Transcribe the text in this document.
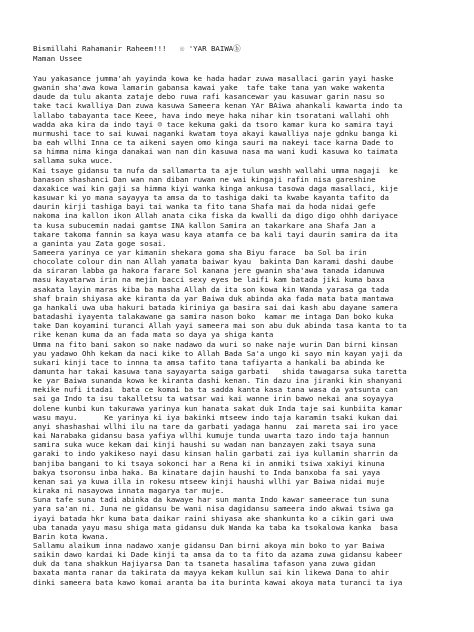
Bismillahi Rahamanir Raheem!!!   ☉ 'YAR BAIWAⓑ
Maman Ussee
Yau yakasance jumma'ah yayinda kowa ke hada hadar zuwa masallaci garin yayi haske
gwanin sha'awa kowa lamarin gabansa kawai yake  tafe take tana yan wake wakenta
daude da tulu akanta zataje debo ruwa rafi kasancewar yau kasuwar garin nasu so
take taci kwalliya Dan zuwa kasuwa Sameera kenan YAr BAiwa ahankali kawarta indo ta
lallabo tabayanta tace Keee, hava indo meye haka nihar kin tsoratani wallahi ohh
wadda aka kira da indo tayi ☺ tace kekuma gaki da tsoro kamar kura ko samira tayi
murmushi tace to sai kuwai naganki kwatam toya akayi kawalliya naje gdnku banga ki
ba eah wllhi Inna ce ta aikeni sayen omo kinga sauri ma nakeyi tace karna Dade to
sa himma nima kinga danakai wan nan din kasuwa nasa ma wani kudi kasuwa ko taimata
sallama suka wuce.
Kai tsaye gidansu ta nufa da sallamarta ta aje tulun washh wallahi umma nagaji  ke
banason shashanci Dan wan nan diban ruwan ne wai kingaji rafin nisa gareshine
daxakice wai kin gaji sa himma kiyi wanka kinga ankusa tasowa daga masallaci, kije
kasuwar ki yo mana sayayya ta amsa da to tashiga daki ta kwabe kayanta tafito da
daurin kirji tashiga bayi tai wanka ta fito tana Shafa mai da hoda nidai gefe
nakoma ina kallon ikon Allah anata cika fiska da kwalli da digo digo ohhh dariyace
ta kusa subucemin nadai gamtse INA kallon Samira an takarkare ana Shafa Jan a
takare takoma fannin sa kaya wasu kaya atamfa ce ba kali tayi daurin samira da ita
a ganinta yau Zata goge sosai.
Sameera yarinya ce yar kimanin shekara goma sha Biyu farace  ba Sol ba irin
chocolate colour din nan Allah yamata baiwar kyau  bakinta Dan karami dashi daube
da siraran labba ga hakora farare Sol kanana jere gwanin sha'awa tanada idanuwa
masu kayatarwa irin na mejin bacci sexy eyes be laifi kam batada jiki kuma baxa
asakata layin maras kiba ba masha Allah da ita son kowa kin Wanda yarasa ga tada
shaf brain shiyasa ake kiranta da yar Baiwa duk abinda aka fada mata bata mantawa
ga hankali uwa uba hakuri batada kiriniya ga basira sai dai kash abu dayane samera
batadashi iyayenta talakawane ga samira nason boko  kamar me intaga Dan boko kuka
take Dan koyamini turanci Allah yayi sameera mai son abu duk abinda tasa kanta to ta
rike kenan kuma da an fada mata so daya ya shiga kanta
Umma na fito bani sakon so nake nadawo da wuri so nake naje wurin Dan birni kinsan
yau yadawo Ohh kekam da naci kike to Allah Bada Sa'a ungo ki sayo min kayan yaji da
sukari kinji tace to innna ta amsa tafito tana tafiyarta a hankali ba abinda ke
damunta har takai kasuwa tana sayayarta saiga garbati   shida tawagarsa suka taretta
ke yar Baiwa sunanda kowa ke kiranta dashi kenan. Tin dazu ina jiranki kin shanyani
mekike nufi itadai  bata ce komai ba ta sadda kanta kasa tana wasa da yatsunta can
sai ga Indo ta isu takalletsu ta watsar wai kai wanne irin bawo nekai ana soyayya
dolene kunbi kun takurawa yarinya kun hanata sakat duk Inda taje sai kunbiita kamar
wasu mayu.      Ke yarinya ki iya bakinki mtseew indo taja karamin tsaki kukan dai
anyi shashashai wllhi ilu na tare da garbati yadaga hannu  zai mareta sai iro yace
kai Narabaka gidansu basa yafiya wllhi kumuje tunda uwarta tazo indo taja hannun
samira suka wuce kekam dai kinji haushi su wadan nan banzayen zaki tsaya suna
garaki to indo yakikeso nayi dasu kinsan halin garbati zai iya kullamin sharrin da
banjiba bangani to ki tsaya sokonci har a Rena ki in anmiki tsiwa xakiyi kinuna
bakya tsoronsu inba haka. Ba kinatare dajin haushi to Inda banxoba fa sai yaya
kenan sai ya kuwa illa in rokesu mtseew kinji haushi wllhi yar Baiwa nidai muje
kiraka ni nasayowa innata magarya tar muje.
Suna tafe suna tadi abinka da kawaye har sun manta Indo kawar sameerace tun suna
yara sa'an ni. Juna ne gidansu be wani nisa dagidansu sameera indo akwai tsiwa ga
iyayi batada hkr kuma bata daikar raini shiyasa ake shankunta ko a cikin gari uwa
uba tanada yayu masu shiga mata gidansu duk Wanda ka taba ka tsokalowa kanka  basa
Barin kota kwana.
Sallamu alaikum inna nadawo xanje gidansu Dan birni akoya min boko to yar Baiwa
saikin dawo kardai ki Dade kinji ta amsa da to ta fito da azama zuwa gidansu kabeer
duk da tana shakkun Hajiyarsa Dan ta tsaneta hasalima tafason yana zuwa gidan
baxata manta ranar da takirata da mayya kekam kullun sai kin likewa Dana to ahir
dinki sameera bata kawo komai aranta ba ita burinta kawai akoya mata turanci ta iya
